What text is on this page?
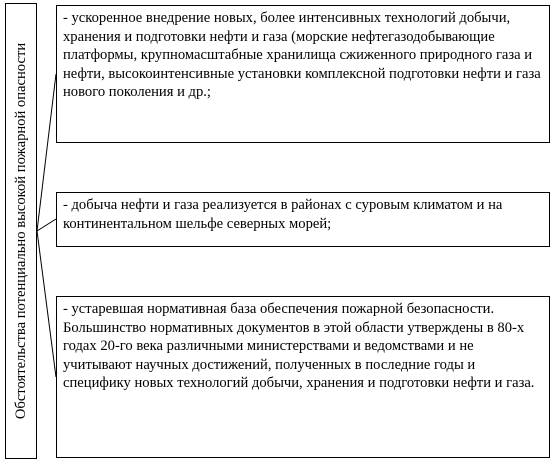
Обстоятельства потенциально высокой пожарной опасности
- ускоренное внедрение новых, более интенсивных технологий добычи, хранения и подготовки нефти и газа (морские нефтегазодобывающие платформы, крупномасштабные хранилища сжиженного природного газа и нефти, высокоинтенсивные установки комплексной подготовки нефти и газа нового поколения и др.;
- добыча нефти и газа реализуется в районах с суровым климатом и на континентальном шельфе северных морей;
- устаревшая нормативная база обеспечения пожарной безопасности. Большинство нормативных документов в этой области утверждены в 80-х годах 20-го века различными министерствами и ведомствами и не учитывают научных достижений, полученных в последние годы и специфику новых технологий добычи, хранения и подготовки нефти и газа.
